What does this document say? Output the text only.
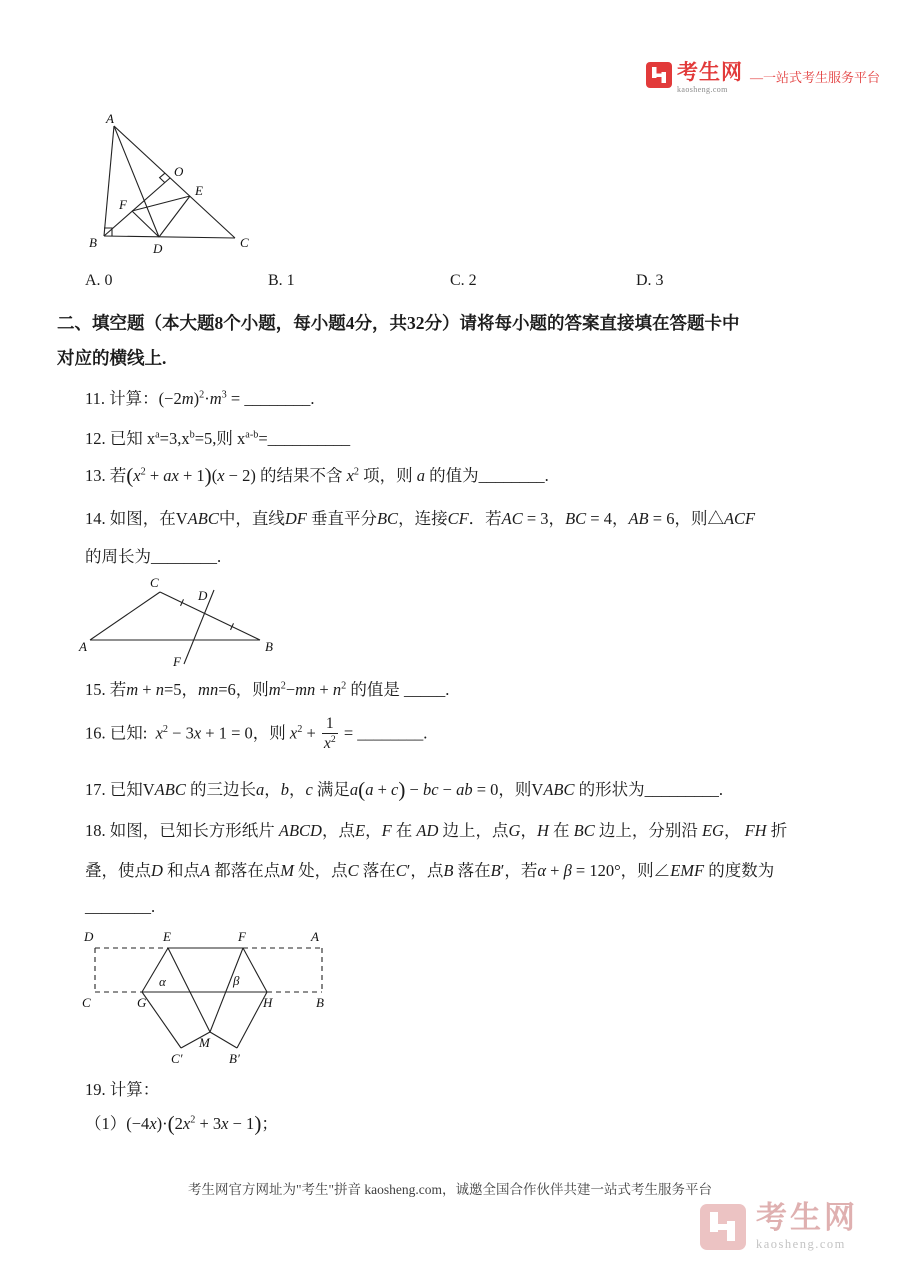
考生网
kaosheng.com
—一站式考生服务平台
A
O
E
F
B	D	C
A. 0	B. 1	C. 2	D. 3
二、填空题（本大题8个小题，每小题4分，共32分）请将每小题的答案直接填在答题卡中
对应的横线上.
11. 计算：$(-2m)^2\cdot m^3$ = ________.
12. 已知 $x^a=3,x^b=5$,则 $x^{a-b}=\_\_\_\_\_\_\_\_\_\_$
13. 若($x^2$ + ax + 1)(x − 2) 的结果不含 $x^2$ 项，则 a 的值为________.
14. 如图，在VABC中，直线DF 垂直平分BC，连接CF．若AC = 3，BC = 4，AB = 6，则△ACF
的周长为________.
C
D
A	B
F
15. 若m + n=5，mn=6，则$m^2-mn + n^2$ 的值是 _____.
16. 已知:  $x^2 - 3x + 1 = 0$，则 $x^2 + \frac{1}{x^2}$ = ________.
17. 已知VABC 的三边长a，b，c 满足a(a + c) − bc − ab = 0，则VABC 的形状为_________.
18. 如图，已知长方形纸片 ABCD，点E，F 在 AD 边上，点G，H 在 BC 边上，分别沿 EG， FH 折
叠，使点D 和点A 都落在点M 处，点C 落在C′，点B 落在B′，若α + β = 120°，则∠EMF 的度数为
________.
D	E	F	A
C	G	H	B
α	β
M
C′	B′
19. 计算：
$(1)(-4x)\cdot(2x^2 + 3x - 1)$；
考生网官方网址为"考生"拼音 kaosheng.com，诚邀全国合作伙伴共建一站式考生服务平台
考生网
kaosheng.com
